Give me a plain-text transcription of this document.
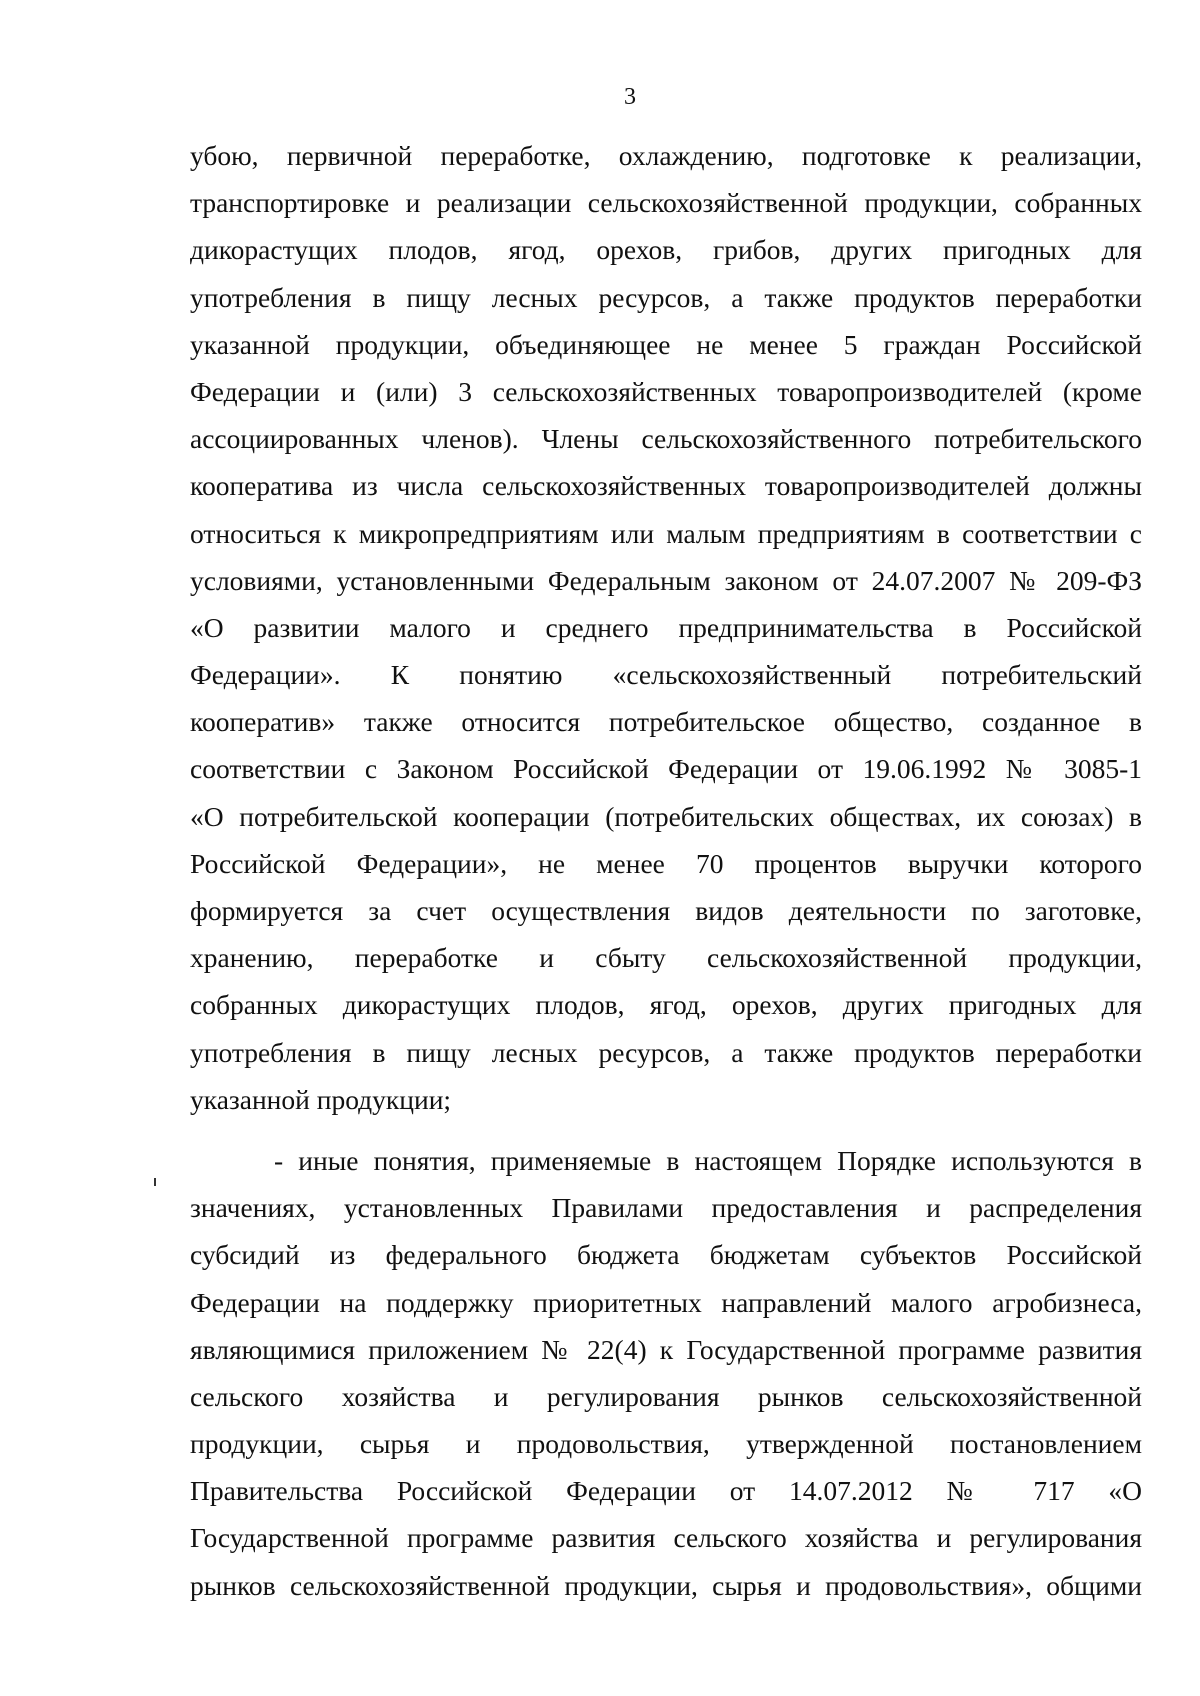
3
убою, первичной переработке, охлаждению, подготовке к реализации,
транспортировке и реализации сельскохозяйственной продукции, собранных
дикорастущих плодов, ягод, орехов, грибов, других пригодных для
употребления в пищу лесных ресурсов, а также продуктов переработки
указанной продукции, объединяющее не менее 5 граждан Российской
Федерации и (или) 3 сельскохозяйственных товаропроизводителей (кроме
ассоциированных членов). Члены сельскохозяйственного потребительского
кооператива из числа сельскохозяйственных товаропроизводителей должны
относиться к микропредприятиям или малым предприятиям в соответствии с
условиями, установленными Федеральным законом от 24.07.2007 № 209-ФЗ
«О развитии малого и среднего предпринимательства в Российской
Федерации». К понятию «сельскохозяйственный потребительский
кооператив» также относится потребительское общество, созданное в
соответствии с Законом Российской Федерации от 19.06.1992 № 3085-1
«О потребительской кооперации (потребительских обществах, их союзах) в
Российской Федерации», не менее 70 процентов выручки которого
формируется за счет осуществления видов деятельности по заготовке,
хранению, переработке и сбыту сельскохозяйственной продукции,
собранных дикорастущих плодов, ягод, орехов, других пригодных для
употребления в пищу лесных ресурсов, а также продуктов переработки
указанной продукции;
- иные понятия, применяемые в настоящем Порядке используются в
значениях, установленных Правилами предоставления и распределения
субсидий из федерального бюджета бюджетам субъектов Российской
Федерации на поддержку приоритетных направлений малого агробизнеса,
являющимися приложением № 22(4) к Государственной программе развития
сельского хозяйства и регулирования рынков сельскохозяйственной
продукции, сырья и продовольствия, утвержденной постановлением
Правительства Российской Федерации от 14.07.2012 № 717 «О
Государственной программе развития сельского хозяйства и регулирования
рынков сельскохозяйственной продукции, сырья и продовольствия», общими
